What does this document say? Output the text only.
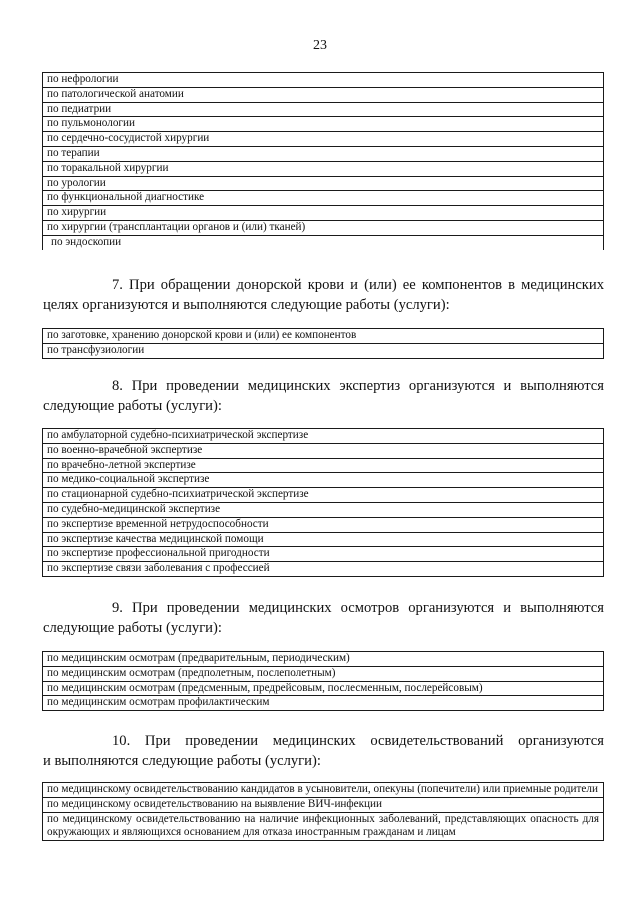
23
по нефрологии
по патологической анатомии
по педиатрии
по пульмонологии
по сердечно-сосудистой хирургии
по терапии
по торакальной хирургии
по урологии
по функциональной диагностике
по хирургии
по хирургии (трансплантации органов и (или) тканей)
по эндоскопии
7. При обращении донорской крови и (или) ее компонентов в медицинских
целях организуются и выполняются следующие работы (услуги):
по заготовке, хранению донорской крови и (или) ее компонентов
по трансфузиологии
8. При проведении медицинских экспертиз организуются и выполняются
следующие работы (услуги):
по амбулаторной судебно-психиатрической экспертизе
по военно-врачебной экспертизе
по врачебно-летной экспертизе
по медико-социальной экспертизе
по стационарной судебно-психиатрической экспертизе
по судебно-медицинской экспертизе
по экспертизе временной нетрудоспособности
по экспертизе качества медицинской помощи
по экспертизе профессиональной пригодности
по экспертизе связи заболевания с профессией
9. При проведении медицинских осмотров организуются и выполняются
следующие работы (услуги):
по медицинским осмотрам (предварительным, периодическим)
по медицинским осмотрам (предполетным, послеполетным)
по медицинским осмотрам (предсменным, предрейсовым, послесменным, послерейсовым)
по медицинским осмотрам профилактическим
10. При проведении медицинских освидетельствований организуются
и выполняются следующие работы (услуги):
по медицинскому освидетельствованию кандидатов в усыновители, опекуны (попечители) или приемные родители
по медицинскому освидетельствованию на выявление ВИЧ-инфекции
по медицинскому освидетельствованию на наличие инфекционных заболеваний, представляющих опасность для окружающих и являющихся основанием для отказа иностранным гражданам и лицам
